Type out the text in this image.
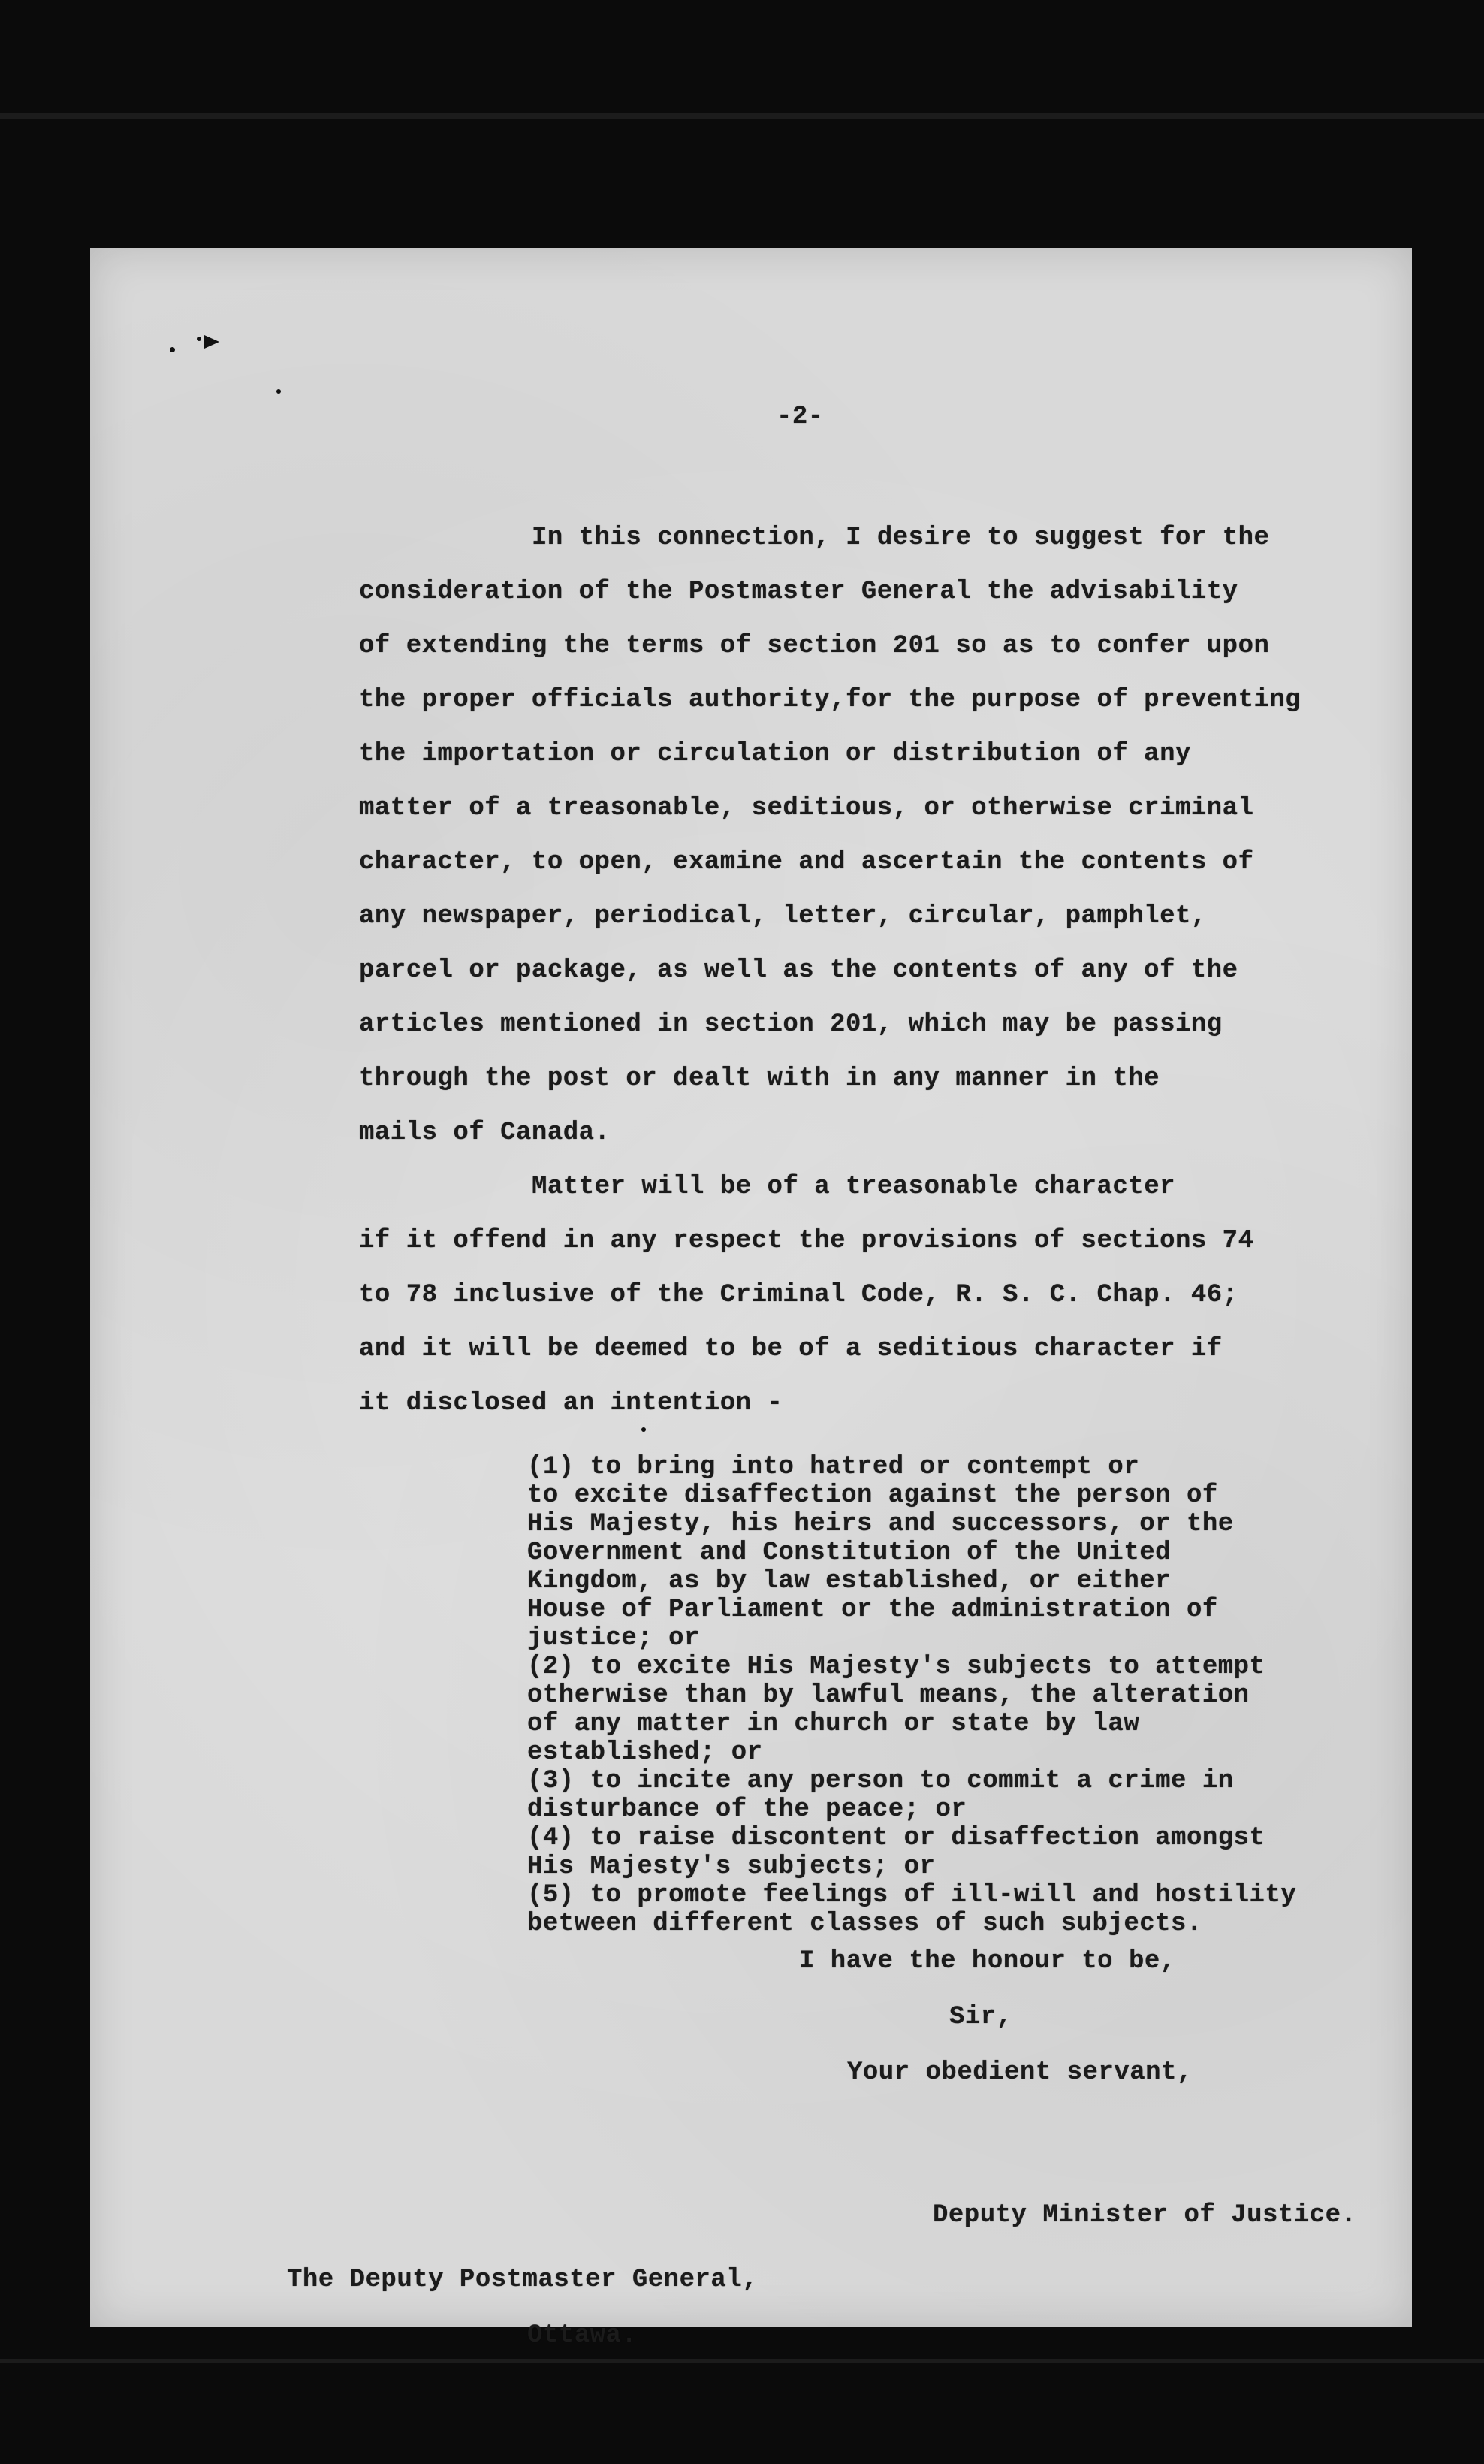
-2-

In this connection, I desire to suggest for the
consideration of the Postmaster General the advisability
of extending the terms of section 201 so as to confer upon
the proper officials authority,for the purpose of preventing
the importation or circulation or distribution of any
matter of a treasonable, seditious, or otherwise criminal
character, to open, examine and ascertain the contents of
any newspaper, periodical, letter, circular, pamphlet,
parcel or package, as well as the contents of any of the
articles mentioned in section 201, which may be passing
through the post or dealt with in any manner in the
mails of Canada.
Matter will be of a treasonable character
if it offend in any respect the provisions of sections 74
to 78 inclusive of the Criminal Code, R. S. C. Chap. 46;
and it will be deemed to be of a seditious character if
it disclosed an intention -
(1) to bring into hatred or contempt or
to excite disaffection against the person of
His Majesty, his heirs and successors, or the
Government and Constitution of the United
Kingdom, as by law established, or either
House of Parliament or the administration of
justice; or
(2) to excite His Majesty's subjects to attempt
otherwise than by lawful means, the alteration
of any matter in church or state by law
established; or
(3) to incite any person to commit a crime in
disturbance of the peace; or
(4) to raise discontent or disaffection amongst
His Majesty's subjects; or
(5) to promote feelings of ill-will and hostility
between different classes of such subjects.

I have the honour to be,

Sir,

Your obedient servant,

Deputy Minister of Justice.

The Deputy Postmaster General,

Ottawa.
